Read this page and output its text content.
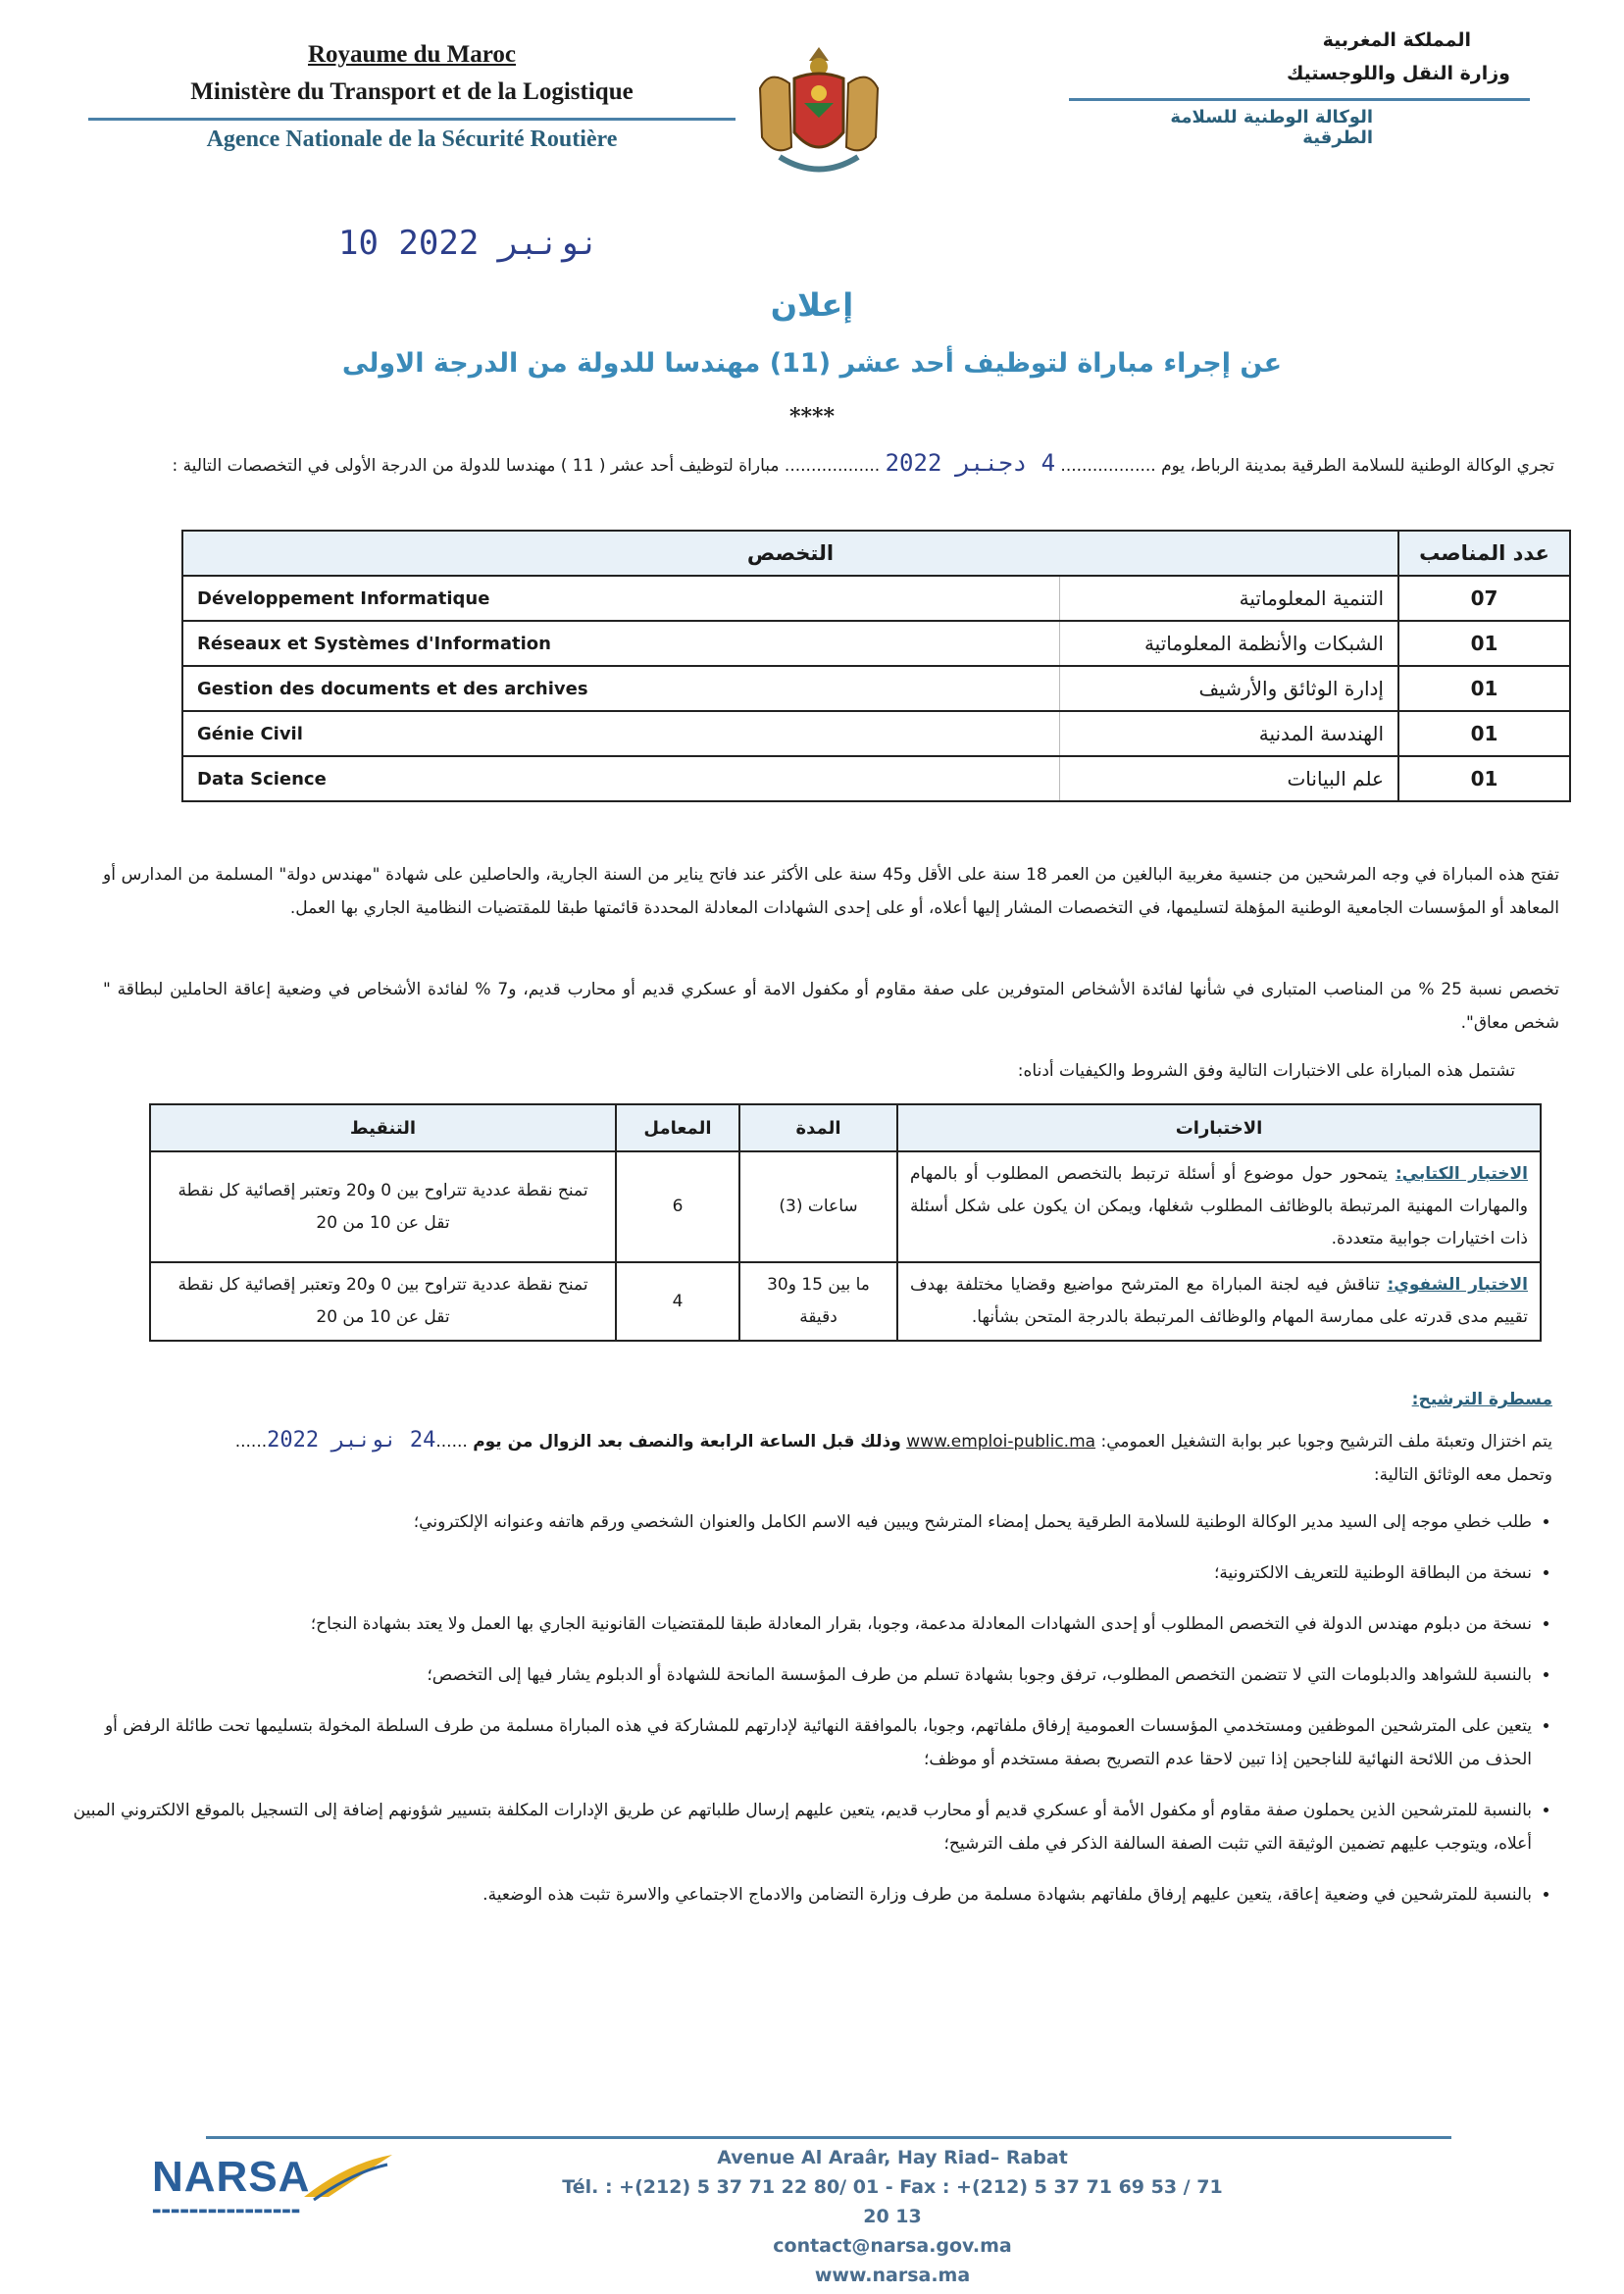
Royaume du Maroc
Ministère du Transport et de la Logistique
Agence Nationale de la Sécurité Routière
المملكة المغربية
وزارة النقل واللوجستيك
الوكالة الوطنية للسلامة الطرقية
10 نونبر 2022
إعلان
عن إجراء مباراة لتوظيف أحد عشر (11) مهندسا للدولة من الدرجة الاولى
****
تجري الوكالة الوطنية للسلامة الطرقية بمدينة الرباط، يوم .................. 4 دجنبر 2022 .................. مباراة لتوظيف أحد عشر ( 11 ) مهندسا للدولة من الدرجة الأولى في التخصصات التالية :
التخصص		عدد المناصب
Développement Informatique	التنمية المعلوماتية	07
Réseaux et Systèmes d'Information	الشبكات والأنظمة المعلوماتية	01
Gestion des documents et des archives	إدارة الوثائق والأرشيف	01
Génie Civil	الهندسة المدنية	01
Data Science	علم البيانات	01
تفتح هذه المباراة في وجه المرشحين من جنسية مغربية البالغين من العمر 18 سنة على الأقل و45 سنة على الأكثر عند فاتح يناير من السنة الجارية، والحاصلين على شهادة "مهندس دولة" المسلمة من المدارس أو المعاهد أو المؤسسات الجامعية الوطنية المؤهلة لتسليمها، في التخصصات المشار إليها أعلاه، أو على إحدى الشهادات المعادلة المحددة قائمتها طبقا للمقتضيات النظامية الجاري بها العمل.
تخصص نسبة 25 % من المناصب المتبارى في شأنها لفائدة الأشخاص المتوفرين على صفة مقاوم أو مكفول الامة أو عسكري قديم أو محارب قديم، و7 % لفائدة الأشخاص في وضعية إعاقة الحاملين لبطاقة " شخص معاق".
تشتمل هذه المباراة على الاختبارات التالية وفق الشروط والكيفيات أدناه:
الاختبارات	المدة	المعامل	التنقيط
الاختبار الكتابي: يتمحور حول موضوع أو أسئلة ترتبط بالتخصص المطلوب أو بالمهام والمهارات المهنية المرتبطة بالوظائف المطلوب شغلها، ويمكن ان يكون على شكل أسئلة ذات اختيارات جوابية متعددة.	ساعات (3)	6	تمنح نقطة عددية تتراوح بين 0 و20 وتعتبر إقصائية كل نقطة تقل عن 10 من 20
الاختبار الشفوي: تناقش فيه لجنة المباراة مع المترشح مواضيع وقضايا مختلفة بهدف تقييم مدى قدرته على ممارسة المهام والوظائف المرتبطة بالدرجة المتحن بشأنها.	ما بين 15 و30 دقيقة	4	تمنح نقطة عددية تتراوح بين 0 و20 وتعتبر إقصائية كل نقطة تقل عن 10 من 20
مسطرة الترشيح:
يتم اختزال وتعبئة ملف الترشيح وجوبا عبر بوابة التشغيل العمومي: www.emploi-public.ma وذلك قبل الساعة الرابعة والنصف بعد الزوال من يوم ......24 نونبر 2022......
وتحمل معه الوثائق التالية:
• طلب خطي موجه إلى السيد مدير الوكالة الوطنية للسلامة الطرقية يحمل إمضاء المترشح ويبين فيه الاسم الكامل والعنوان الشخصي ورقم هاتفه وعنوانه الإلكتروني؛
• نسخة من البطاقة الوطنية للتعريف الالكترونية؛
• نسخة من دبلوم مهندس الدولة في التخصص المطلوب أو إحدى الشهادات المعادلة مدعمة، وجوبا، بقرار المعادلة طبقا للمقتضيات القانونية الجاري بها العمل ولا يعتد بشهادة النجاح؛
• بالنسبة للشواهد والدبلومات التي لا تتضمن التخصص المطلوب، ترفق وجوبا بشهادة تسلم من طرف المؤسسة المانحة للشهادة أو الدبلوم يشار فيها إلى التخصص؛
• يتعين على المترشحين الموظفين ومستخدمي المؤسسات العمومية إرفاق ملفاتهم، وجوبا، بالموافقة النهائية لإدارتهم للمشاركة في هذه المباراة مسلمة من طرف السلطة المخولة بتسليمها تحت طائلة الرفض أو الحذف من اللائحة النهائية للناجحين إذا تبين لاحقا عدم التصريح بصفة مستخدم أو موظف؛
• بالنسبة للمترشحين الذين يحملون صفة مقاوم أو مكفول الأمة أو عسكري قديم أو محارب قديم، يتعين عليهم إرسال طلباتهم عن طريق الإدارات المكلفة بتسيير شؤونهم إضافة إلى التسجيل بالموقع الالكتروني المبين أعلاه، ويتوجب عليهم تضمين الوثيقة التي تثبت الصفة السالفة الذكر في ملف الترشيح؛
• بالنسبة للمترشحين في وضعية إعاقة، يتعين عليهم إرفاق ملفاتهم بشهادة مسلمة من طرف وزارة التضامن والادماج الاجتماعي والاسرة تثبت هذه الوضعية.
NARSA
▬▬▬▬▬▬▬▬▬▬▬▬▬▬▬▬
Avenue Al Araâr, Hay Riad– Rabat
Tél. : +(212) 5 37 71 22 80/ 01 - Fax : +(212) 5 37 71 69 53 / 71 20 13
contact@narsa.gov.ma
www.narsa.ma
